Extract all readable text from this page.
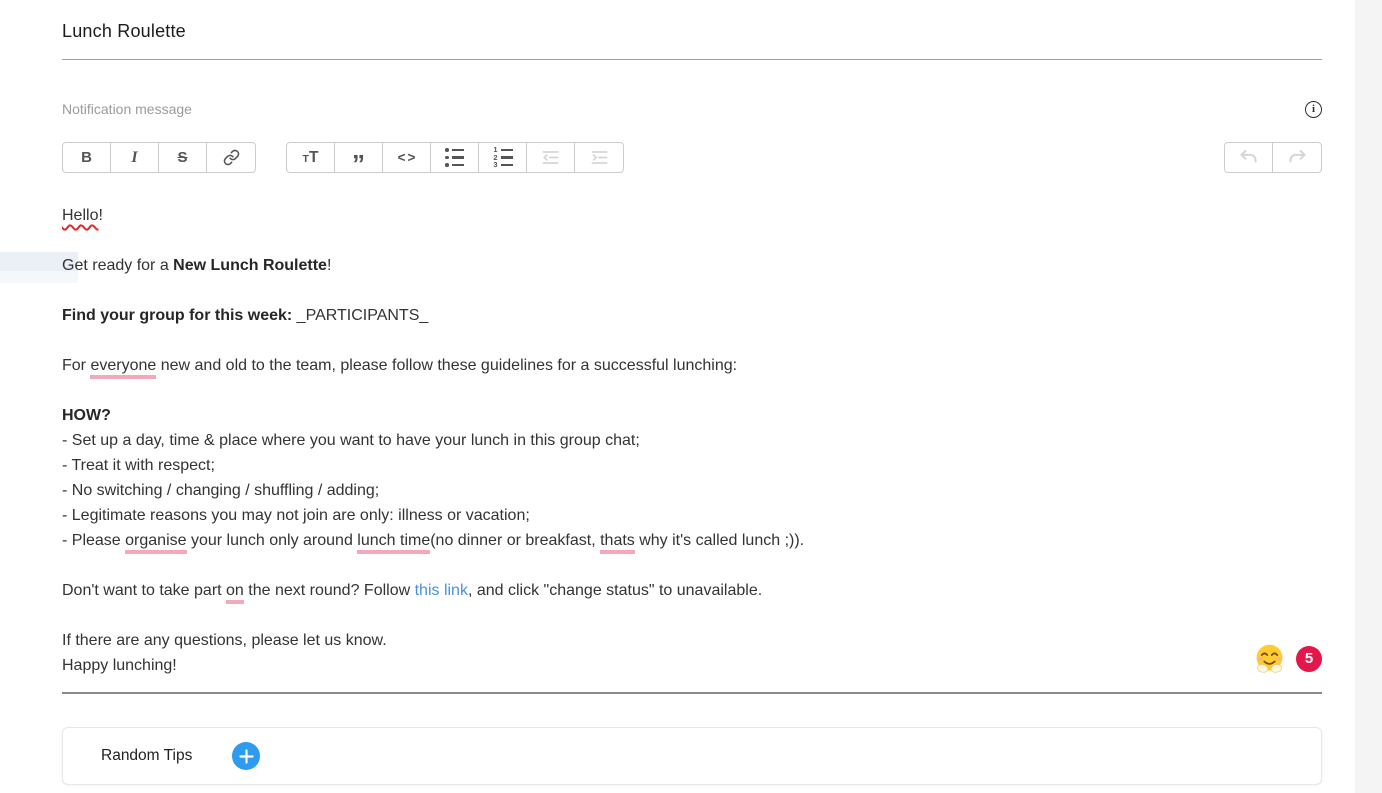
Lunch Roulette
Notification message	i
B I	S	TT ” <>
1
2
3
5
Hello!
Get ready for a New Lunch Roulette!
Find your group for this week: _PARTICIPANTS_
For everyone new and old to the team, please follow these guidelines for a successful lunching:
HOW?
- Set up a day, time & place where you want to have your lunch in this group chat;
- Treat it with respect;
- No switching / changing / shuffling / adding;
- Legitimate reasons you may not join are only: illness or vacation;
- Please organise your lunch only around lunch time(no dinner or breakfast, thats why it's called lunch ;)).
Don't want to take part on the next round? Follow this link, and click "change status" to unavailable.
If there are any questions, please let us know.
Happy lunching!
Random Tips
